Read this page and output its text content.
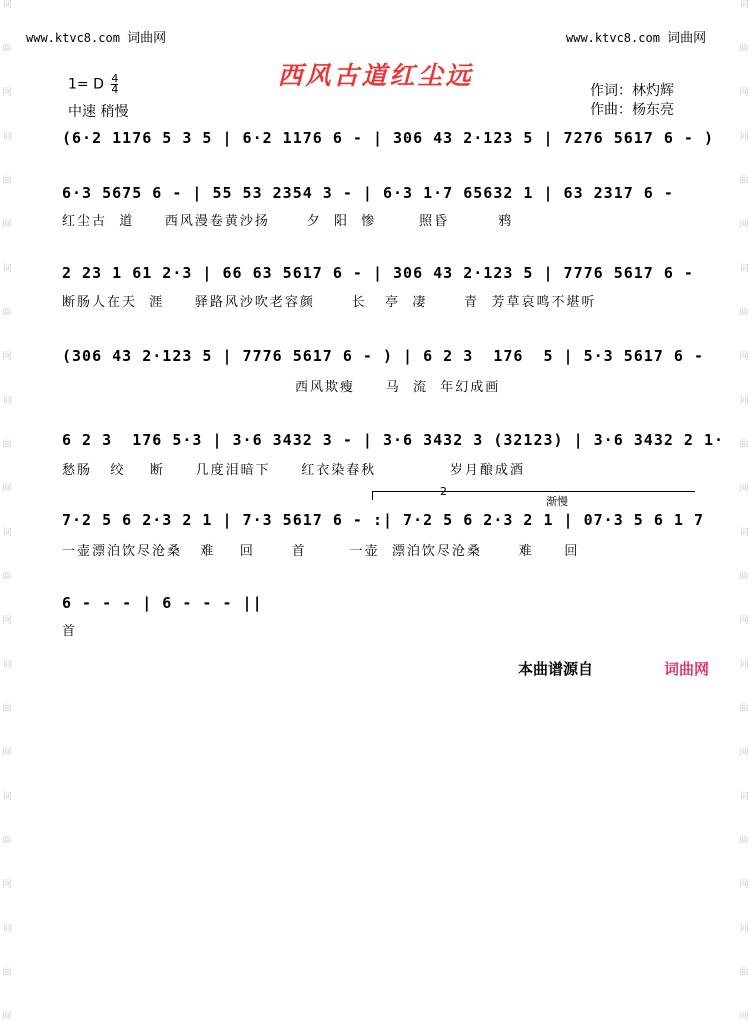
词
曲
网
词
曲
网
词
曲
网
词
曲
网
词
曲
网
词
曲
网
词
曲
网
词
曲
网
词
曲
网
词
曲
网
词
曲
网
词
曲
网
词
曲
网
词
曲
网
词
曲
网
词
曲
网
www.ktvc8.com 词曲网	www.ktvc8.com 词曲网
西风古道红尘远
1= D $\frac{4}{4}$
中速 稍慢
作词：林灼辉
作曲：杨东亮
(6·2 1176 5 3 5 | 6·2 1176 6 - | 306 43 2·123 5 | 7276 5617 6 - )
6·3 5675 6 - | 55 53 2354 3 - | 6·3 1·7 65632 1 | 63 2317 6 -
红尘古  道     西风漫卷黄沙扬      夕  阳  惨       照昏        鸦
2 23 1 61 2·3 | 66 63 5617 6 - | 306 43 2·123 5 | 7776 5617 6 -
断肠人在天  涯     驿路风沙吹老容颜      长   亭  凄      青  芳草哀鸣不堪听
(306 43 2·123 5 | 7776 5617 6 - ) | 6 2 3  176  5 | 5·3 5617 6 -
西风欺瘦     马  流  年幻成画
6 2 3  176 5·3 | 3·6 3432 3 - | 3·6 3432 3 (32123) | 3·6 3432 2 1·
愁肠   绞    断     几度泪暗下     红衣染春秋            岁月酿成酒
2
渐慢
7·2 5 6 2·3 2 1 | 7·3 5617 6 - :| 7·2 5 6 2·3 2 1 | 07·3 5 6 1 7
一壶漂泊饮尽沧桑   难    回      首       一壶  漂泊饮尽沧桑      难     回
6 - - - | 6 - - - ||
首
本曲谱源自	词曲网
